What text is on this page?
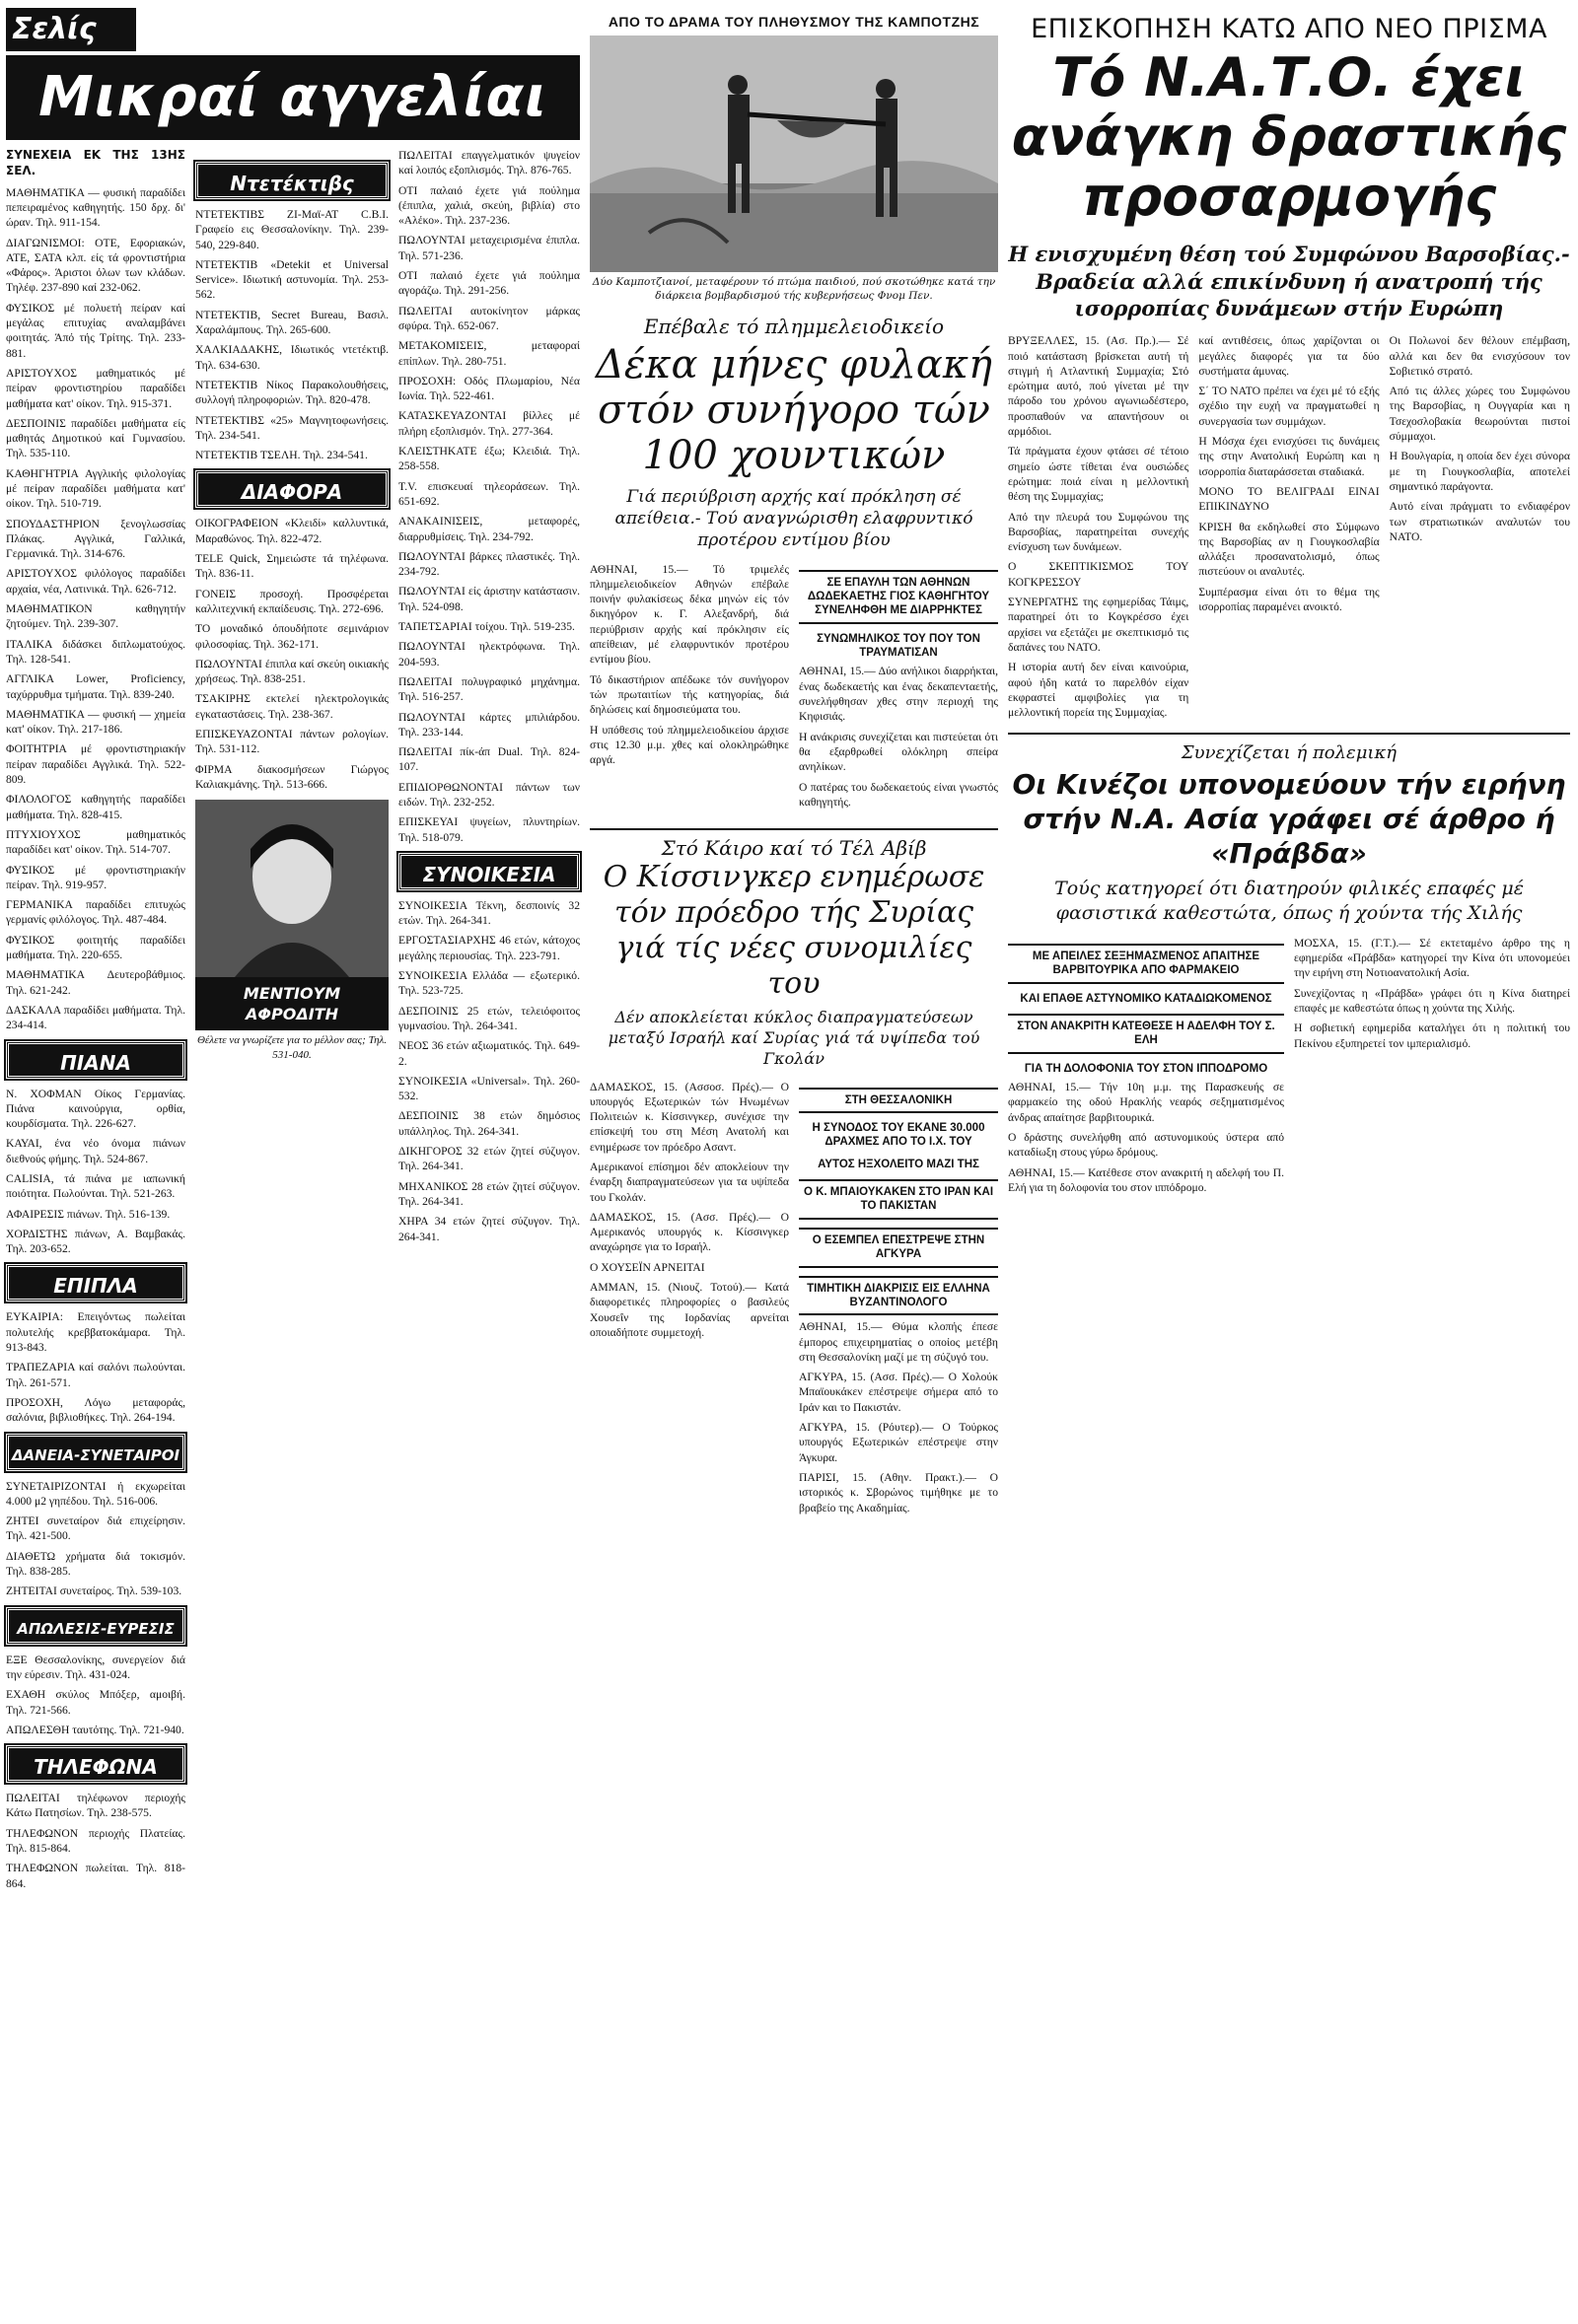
Σελίς
Μικραί αγγελίαι
ΣΥΝΕΧΕΙΑ ΕΚ ΤΗΣ 13ΗΣ ΣΕΛ.

ΜΑΘΗΜΑΤΙΚΑ — φυσική παραδίδει πεπειραμένος καθηγητής. 150 δρχ. δι' ώραν. Τηλ. 911-154.

ΔΙΑΓΩΝΙΣΜΟΙ: ΟΤΕ, Εφοριακών, ΑΤΕ, ΣΑΤΑ κλπ. είς τά φροντιστήρια «Φάρος». Άριστοι όλων των κλάδων. Τηλέφ. 237-890 καί 232-062.

ΦΥΣΙΚΟΣ μέ πολυετή πείραν καί μεγάλας επιτυχίας αναλαμβάνει φοιτητάς. Άπό τής Τρίτης. Τηλ. 233-881.

ΑΡΙΣΤΟΥΧΟΣ μαθηματικός μέ πείραν φροντιστηρίου παραδίδει μαθήματα κατ' οίκον. Τηλ. 915-371.

ΔΕΣΠΟΙΝΙΣ παραδίδει μαθήματα είς μαθητάς Δημοτικού καί Γυμνασίου. Τηλ. 535-110.

ΚΑΘΗΓΗΤΡΙΑ Αγγλικής φιλολογίας μέ πείραν παραδίδει μαθήματα κατ' οίκον. Τηλ. 510-719.

ΣΠΟΥΔΑΣΤΗΡΙΟΝ ξενογλωσσίας Πλάκας. Αγγλικά, Γαλλικά, Γερμανικά. Τηλ. 314-676.

ΑΡΙΣΤΟΥΧΟΣ φιλόλογος παραδίδει αρχαία, νέα, Λατινικά. Τηλ. 626-712.

ΜΑΘΗΜΑΤΙΚΟΝ καθηγητήν ζητούμεν. Τηλ. 239-307.

ΙΤΑΛΙΚΑ διδάσκει διπλωματούχος. Τηλ. 128-541.

ΑΓΓΛΙΚΑ Lower, Proficiency, ταχύρρυθμα τμήματα. Τηλ. 839-240.

ΜΑΘΗΜΑΤΙΚΑ — φυσική — χημεία κατ' οίκον. Τηλ. 217-186.

ΦΟΙΤΗΤΡΙΑ μέ φροντιστηριακήν πείραν παραδίδει Αγγλικά. Τηλ. 522-809.

ΦΙΛΟΛΟΓΟΣ καθηγητής παραδίδει μαθήματα. Τηλ. 828-415.

ΠΤΥΧΙΟΥΧΟΣ μαθηματικός παραδίδει κατ' οίκον. Τηλ. 514-707.

ΦΥΣΙΚΟΣ μέ φροντιστηριακήν πείραν. Τηλ. 919-957.

ΓΕΡΜΑΝΙΚΑ παραδίδει επιτυχώς γερμανίς φιλόλογος. Τηλ. 487-484.

ΦΥΣΙΚΟΣ φοιτητής παραδίδει μαθήματα. Τηλ. 220-655.

ΜΑΘΗΜΑΤΙΚΑ Δευτεροβάθμιος. Τηλ. 621-242.

ΔΑΣΚΑΛΑ παραδίδει μαθήματα. Τηλ. 234-414.

ΠΙΑΝΑ

Ν. ΧΟΦΜΑΝ Οίκος Γερμανίας. Πιάνα καινούργια, ορθία, κουρδίσματα. Τηλ. 226-627.

ΚΑΥΑΙ, ένα νέο όνομα πιάνων διεθνούς φήμης. Τηλ. 524-867.

CALISIA, τά πιάνα με ιαπωνική ποιότητα. Πωλούνται. Τηλ. 521-263.

ΑΦΑΙΡΕΣΙΣ πιάνων. Τηλ. 516-139.

ΧΟΡΔΙΣΤΗΣ πιάνων, Α. Βαμβακάς. Τηλ. 203-652.

ΕΠΙΠΛΑ

ΕΥΚΑΙΡΙΑ: Επειγόντως πωλείται πολυτελής κρεββατοκάμαρα. Τηλ. 913-843.

ΤΡΑΠΕΖΑΡΙΑ καί σαλόνι πωλούνται. Τηλ. 261-571.

ΠΡΟΣΟΧΗ, Λόγω μεταφοράς, σαλόνια, βιβλιοθήκες. Τηλ. 264-194.

ΔΑΝΕΙΑ-ΣΥΝΕΤΑΙΡΟΙ

ΣΥΝΕΤΑΙΡΙΖΟΝΤΑΙ ή εκχωρείται 4.000 μ2 γηπέδου. Τηλ. 516-006.

ΖΗΤΕΙ συνεταίρον διά επιχείρησιν. Τηλ. 421-500.

ΔΙΑΘΕΤΩ χρήματα διά τοκισμόν. Τηλ. 838-285.

ΖΗΤΕΙΤΑΙ συνεταίρος. Τηλ. 539-103.

ΑΠΩΛΕΣΙΣ-ΕΥΡΕΣΙΣ

ΕΞΕ Θεσσαλονίκης, συνεργείον διά την εύρεσιν. Τηλ. 431-024.

ΕΧΑΘΗ σκύλος Μπόξερ, αμοιβή. Τηλ. 721-566.

ΑΠΩΛΕΣΘΗ ταυτότης. Τηλ. 721-940.

ΤΗΛΕΦΩΝΑ

ΠΩΛΕΙΤΑΙ τηλέφωνον περιοχής Κάτω Πατησίων. Τηλ. 238-575.

ΤΗΛΕΦΩΝΟΝ περιοχής Πλατείας. Τηλ. 815-864.

ΤΗΛΕΦΩΝΟΝ πωλείται. Τηλ. 818-864.

Ντετέκτιβς

ΝΤΕΤΕΚΤΙΒΣ ΖΙ-Μαϊ-ΑΤ C.B.I. Γραφείο εις Θεσσαλονίκην. Τηλ. 239-540, 229-840.

ΝΤΕΤΕΚΤΙΒ «Detekit et Universal Service». Ιδιωτική αστυνομία. Τηλ. 253-562.

ΝΤΕΤΕΚΤΙΒ, Secret Bureau, Βασιλ. Χαραλάμπους. Τηλ. 265-600.

ΧΑΛΚΙΑΔΑΚΗΣ, Ιδιωτικός ντετέκτιβ. Τηλ. 634-630.

ΝΤΕΤΕΚΤΙΒ Νίκος Παρακολουθήσεις, συλλογή πληροφοριών. Τηλ. 820-478.

ΝΤΕΤΕΚΤΙΒΣ «25» Μαγνητοφωνήσεις. Τηλ. 234-541.

ΝΤΕΤΕΚΤΙΒ ΤΣΕΛΗ. Τηλ. 234-541.

ΔΙΑΦΟΡΑ

ΟΙΚΟΓΡΑΦΕΙΟΝ «Κλειδί» καλλυντικά, Μαραθώνος. Τηλ. 822-472.

TELE Quick, Σημειώστε τά τηλέφωνα. Τηλ. 836-11.

ΓΟΝΕΙΣ προσοχή. Προσφέρεται καλλιτεχνική εκπαίδευσις. Τηλ. 272-696.

ΤΟ μοναδικό όπουδήποτε σεμινάριον φιλοσοφίας. Τηλ. 362-171.

ΠΩΛΟΥΝΤΑΙ έπιπλα καί σκεύη οικιακής χρήσεως. Τηλ. 838-251.

ΤΣΑΚΙΡΗΣ εκτελεί ηλεκτρολογικάς εγκαταστάσεις. Τηλ. 238-367.

ΕΠΙΣΚΕΥΑΖΟΝΤΑΙ πάντων ρολογίων. Τηλ. 531-112.

ΦΙΡΜΑ διακοσμήσεων Γιώργος Καλιακμάνης. Τηλ. 513-666.

ΜΕΝΤΙΟΥΜ ΑΦΡΟΔΙΤΗ
Θέλετε να γνωρίζετε για το μέλλον σας; Τηλ. 531-040.

ΠΩΛΕΙΤΑΙ επαγγελματικόν ψυγείον καί λοιπός εξοπλισμός. Τηλ. 876-765.

ΟΤΙ παλαιό έχετε γιά πούλημα (έπιπλα, χαλιά, σκεύη, βιβλία) στο «Αλέκο». Τηλ. 237-236.

ΠΩΛΟΥΝΤΑΙ μεταχειρισμένα έπιπλα. Τηλ. 571-236.

ΟΤΙ παλαιό έχετε γιά πούλημα αγοράζω. Τηλ. 291-256.

ΠΩΛΕΙΤΑΙ αυτοκίνητον μάρκας σφύρα. Τηλ. 652-067.

ΜΕΤΑΚΟΜΙΣΕΙΣ, μεταφοραί επίπλων. Τηλ. 280-751.

ΠΡΟΣΟΧΗ: Οδός Πλωμαρίου, Νέα Ιωνία. Τηλ. 522-461.

ΚΑΤΑΣΚΕΥΑΖΟΝΤΑΙ βίλλες μέ πλήρη εξοπλισμόν. Τηλ. 277-364.

ΚΛΕΙΣΤΗΚΑΤΕ έξω; Κλειδιά. Τηλ. 258-558.

Τ.V. επισκευαί τηλεοράσεων. Τηλ. 651-692.

ΑΝΑΚΑΙΝΙΣΕΙΣ, μεταφορές, διαρρυθμίσεις. Τηλ. 234-792.

ΠΩΛΟΥΝΤΑΙ βάρκες πλαστικές. Τηλ. 234-792.

ΠΩΛΟΥΝΤΑΙ είς άριστην κατάστασιν. Τηλ. 524-098.

ΤΑΠΕΤΣΑΡΙΑΙ τοίχου. Τηλ. 519-235.

ΠΩΛΟΥΝΤΑΙ ηλεκτρόφωνα. Τηλ. 204-593.

ΠΩΛΕΙΤΑΙ πολυγραφικό μηχάνημα. Τηλ. 516-257.

ΠΩΛΟΥΝΤΑΙ κάρτες μπιλιάρδου. Τηλ. 233-144.

ΠΩΛΕΙΤΑΙ πίκ-άπ Dual. Τηλ. 824-107.

ΕΠΙΔΙΟΡΘΩΝΟΝΤΑΙ πάντων των ειδών. Τηλ. 232-252.

ΕΠΙΣΚΕΥΑΙ ψυγείων, πλυντηρίων. Τηλ. 518-079.

ΣΥΝΟΙΚΕΣΙΑ

ΣΥΝΟΙΚΕΣΙΑ Τέκνη, δεσποινίς 32 ετών. Τηλ. 264-341.

ΕΡΓΟΣΤΑΣΙΑΡΧΗΣ 46 ετών, κάτοχος μεγάλης περιουσίας. Τηλ. 223-791.

ΣΥΝΟΙΚΕΣΙΑ Ελλάδα — εξωτερικό. Τηλ. 523-725.

ΔΕΣΠΟΙΝΙΣ 25 ετών, τελειόφοιτος γυμνασίου. Τηλ. 264-341.

ΝΕΟΣ 36 ετών αξιωματικός. Τηλ. 649-2.

ΣΥΝΟΙΚΕΣΙΑ «Universal». Τηλ. 260-532.

ΔΕΣΠΟΙΝΙΣ 38 ετών δημόσιος υπάλληλος. Τηλ. 264-341.

ΔΙΚΗΓΟΡΟΣ 32 ετών ζητεί σύζυγον. Τηλ. 264-341.

ΜΗΧΑΝΙΚΟΣ 28 ετών ζητεί σύζυγον. Τηλ. 264-341.

ΧΗΡΑ 34 ετών ζητεί σύζυγον. Τηλ. 264-341.

ΑΠΟ ΤΟ ΔΡΑΜΑ ΤΟΥ ΠΛΗΘΥΣΜΟΥ ΤΗΣ ΚΑΜΠΟΤΖΗΣ
Δύο Καμποτζιανοί, μεταφέρουν τό πτώμα παιδιού, πού σκοτώθηκε κατά την διάρκεια βομβαρδισμού τής κυβερνήσεως Φνομ Πεν.
Επέβαλε τό πλημμελειοδικείο
Δέκα μήνες φυλακή στόν συνήγορο τών 100 χουντικών
Γιά περιύβριση αρχής καί πρόκληση σέ απείθεια.- Τού αναγνώρισθη ελαφρυντικό προτέρου εντίμου βίου

ΑΘΗΝΑΙ, 15.— Τό τριμελές πλημμελειοδικείον Αθηνών επέβαλε ποινήν φυλακίσεως δέκα μηνών είς τόν δικηγόρον κ. Γ. Αλεξανδρή, διά περιύβρισιν αρχής καί πρόκλησιν είς απείθειαν, μέ ελαφρυντικόν προτέρου εντίμου βίου.

Τό δικαστήριον απέδωκε τόν συνήγορον τών πρωταιτίων τής κατηγορίας, διά δηλώσεις καί δημοσιεύματα του.

Η υπόθεσις τού πλημμελειοδικείου άρχισε στις 12.30 μ.μ. χθες καί ολοκληρώθηκε αργά.

ΣΕ ΕΠΑΥΛΗ ΤΩΝ ΑΘΗΝΩΝ ΔΩΔΕΚΑΕΤΗΣ ΓΙΟΣ ΚΑΘΗΓΗΤΟΥ ΣΥΝΕΛΗΦΘΗ ΜΕ ΔΙΑΡΡΗΚΤΕΣ
ΣΥΝΩΜΗΛΙΚΟΣ ΤΟΥ ΠΟΥ ΤΟΝ ΤΡΑΥΜΑΤΙΣΑΝ

ΑΘΗΝΑΙ, 15.— Δύο ανήλικοι διαρρήκται, ένας δωδεκαετής και ένας δεκαπενταετής, συνελήφθησαν χθες στην περιοχή της Κηφισιάς.

Η ανάκρισις συνεχίζεται και πιστεύεται ότι θα εξαρθρωθεί ολόκληρη σπείρα ανηλίκων.

Ο πατέρας του δωδεκαετούς είναι γνωστός καθηγητής.

Στό Κάιρο καί τό Τέλ Αβίβ
Ο Κίσσινγκερ ενημέρωσε τόν πρόεδρο τής Συρίας γιά τίς νέες συνομιλίες του
Δέν αποκλείεται κύκλος διαπραγματεύσεων μεταξύ Ισραήλ καί Συρίας γιά τά υψίπεδα τού Γκολάν

ΔΑΜΑΣΚΟΣ, 15. (Ασσοσ. Πρές).— Ο υπουργός Εξωτερικών τών Ηνωμένων Πολιτειών κ. Κίσσινγκερ, συνέχισε την επίσκεψή του στη Μέση Ανατολή και ενημέρωσε τον πρόεδρο Ασαντ.

Αμερικανοί επίσημοι δέν αποκλείουν την έναρξη διαπραγματεύσεων για τα υψίπεδα του Γκολάν.

ΔΑΜΑΣΚΟΣ, 15. (Ασσ. Πρές).— Ο Αμερικανός υπουργός κ. Κίσσινγκερ αναχώρησε για το Ισραήλ.

Ο ΧΟΥΣΕΪΝ ΑΡΝΕΙΤΑΙ

ΑΜΜΑΝ, 15. (Νιουζ. Τοτού).— Κατά διαφορετικές πληροφορίες ο βασιλεύς Χουσεΐν της Ιορδανίας αρνείται οποιαδήποτε συμμετοχή.

ΣΤΗ ΘΕΣΣΑΛΟΝΙΚΗ
Η ΣΥΝΟΔΟΣ ΤΟΥ ΕΚΑΝΕ 30.000 ΔΡΑΧΜΕΣ ΑΠΟ ΤΟ Ι.Χ. ΤΟΥ
ΑΥΤΟΣ ΗΞΧΟΛΕΙΤΟ ΜΑΖΙ ΤΗΣ
Ο Κ. ΜΠΑΙΟΥΚΑΚΕΝ ΣΤΟ ΙΡΑΝ ΚΑΙ ΤΟ ΠΑΚΙΣΤΑΝ
Ο ΕΣΕΜΠΕΛ ΕΠΕΣΤΡΕΨΕ ΣΤΗΝ ΑΓΚΥΡΑ
ΤΙΜΗΤΙΚΗ ΔΙΑΚΡΙΣΙΣ ΕΙΣ ΕΛΛΗΝΑ ΒΥΖΑΝΤΙΝΟΛΟΓΟ

ΑΘΗΝΑΙ, 15.— Θύμα κλοπής έπεσε έμπορος επιχειρηματίας ο οποίος μετέβη στη Θεσσαλονίκη μαζί με τη σύζυγό του.

ΑΓΚΥΡΑ, 15. (Ασσ. Πρές).— Ο Χολούκ Μπαϊουκάκεν επέστρεψε σήμερα από το Ιράν και το Πακιστάν.

ΑΓΚΥΡΑ, 15. (Ρόυτερ).— Ο Τούρκος υπουργός Εξωτερικών επέστρεψε στην Άγκυρα.

ΠΑΡΙΣΙ, 15. (Αθην. Πρακτ.).— Ο ιστορικός κ. Σβορώνος τιμήθηκε με το βραβείο της Ακαδημίας.

ΕΠΙΣΚΟΠΗΣΗ ΚΑΤΩ ΑΠΟ ΝΕΟ ΠΡΙΣΜΑ
Τό Ν.Α.Τ.Ο. έχει ανάγκη δραστικής προσαρμογής
Η ενισχυμένη θέση τού Συμφώνου Βαρσοβίας.- Βραδεία αλλά επικίνδυνη ή ανατροπή τής ισορροπίας δυνάμεων στήν Ευρώπη

ΒΡΥΞΕΛΛΕΣ, 15. (Ασ. Πρ.).— Σέ ποιό κατάσταση βρίσκεται αυτή τή στιγμή ή Ατλαντική Συμμαχία; Στό ερώτημα αυτό, πού γίνεται μέ την πάροδο του χρόνου αγωνιωδέστερο, προσπαθούν να απαντήσουν οι αρμόδιοι.

Τά πράγματα έχουν φτάσει σέ τέτοιο σημείο ώστε τίθεται ένα ουσιώδες ερώτημα: ποιά είναι η μελλοντική θέση της Συμμαχίας;

Από την πλευρά του Συμφώνου της Βαρσοβίας, παρατηρείται συνεχής ενίσχυση των δυνάμεων.

Ο ΣΚΕΠΤΙΚΙΣΜΟΣ ΤΟΥ ΚΟΓΚΡΕΣΣΟΥ

ΣΥΝΕΡΓΑΤΗΣ της εφημερίδας Τάιμς, παρατηρεί ότι το Κογκρέσσο έχει αρχίσει να εξετάζει με σκεπτικισμό τις δαπάνες του ΝΑΤΟ.

Η ιστορία αυτή δεν είναι καινούρια, αφού ήδη κατά το παρελθόν είχαν εκφραστεί αμφιβολίες για τη μελλοντική πορεία της Συμμαχίας.

καί αντιθέσεις, όπως χαρίζονται οι μεγάλες διαφορές για τα δύο συστήματα άμυνας.

Σ΄ ΤΟ ΝΑΤΟ πρέπει να έχει μέ τό εξής σχέδιο την ευχή να πραγματωθεί η συνεργασία των συμμάχων.

Η Μόσχα έχει ενισχύσει τις δυνάμεις της στην Ανατολική Ευρώπη και η ισορροπία διαταράσσεται σταδιακά.

ΜΟΝΟ ΤΟ ΒΕΛΙΓΡΑΔΙ ΕΙΝΑΙ ΕΠΙΚΙΝΔΥΝΟ

ΚΡΙΣΗ θα εκδηλωθεί στο Σύμφωνο της Βαρσοβίας αν η Γιουγκοσλαβία αλλάξει προσανατολισμό, όπως πιστεύουν οι αναλυτές.

Συμπέρασμα είναι ότι το θέμα της ισορροπίας παραμένει ανοικτό.

Οι Πολωνοί δεν θέλουν επέμβαση, αλλά και δεν θα ενισχύσουν τον Σοβιετικό στρατό.

Από τις άλλες χώρες του Συμφώνου της Βαρσοβίας, η Ουγγαρία και η Τσεχοσλοβακία θεωρούνται πιστοί σύμμαχοι.

Η Βουλγαρία, η οποία δεν έχει σύνορα με τη Γιουγκοσλαβία, αποτελεί σημαντικό παράγοντα.

Αυτό είναι πράγματι το ενδιαφέρον των στρατιωτικών αναλυτών του ΝΑΤΟ.

Συνεχίζεται ή πολεμική
Οι Κινέζοι υπονομεύουν τήν ειρήνη στήν Ν.Α. Ασία γράφει σέ άρθρο ή «Πράβδα»
Τούς κατηγορεί ότι διατηρούν φιλικές επαφές μέ φασιστικά καθεστώτα, όπως ή χούντα τής Χιλής
ΜΕ ΑΠΕΙΛΕΣ ΣΕΞΗΜΑΣΜΕΝΟΣ ΑΠΑΙΤΗΣΕ ΒΑΡΒΙΤΟΥΡΙΚΑ ΑΠΟ ΦΑΡΜΑΚΕΙΟ
ΚΑΙ ΕΠΑΘΕ ΑΣΤΥΝΟΜΙΚΟ ΚΑΤΑΔΙΩΚΟΜΕΝΟΣ
ΣΤΟΝ ΑΝΑΚΡΙΤΗ ΚΑΤΕΘΕΣΕ Η ΑΔΕΛΦΗ ΤΟΥ Σ. ΕΛΗ
ΓΙΑ ΤΗ ΔΟΛΟΦΟΝΙΑ ΤΟΥ ΣΤΟΝ ΙΠΠΟΔΡΟΜΟ

ΑΘΗΝΑΙ, 15.— Τήν 10η μ.μ. της Παρασκευής σε φαρμακείο της οδού Ηρακλής νεαρός σεξηματισμένος άνδρας απαίτησε βαρβιτουρικά.

Ο δράστης συνελήφθη από αστυνομικούς ύστερα από καταδίωξη στους γύρω δρόμους.

ΑΘΗΝΑΙ, 15.— Κατέθεσε στον ανακριτή η αδελφή του Π. Ελή για τη δολοφονία του στον ιππόδρομο.

ΜΟΣΧΑ, 15. (Γ.Τ.).— Σέ εκτεταμένο άρθρο της η εφημερίδα «Πράβδα» κατηγορεί την Κίνα ότι υπονομεύει την ειρήνη στη Νοτιοανατολική Ασία.

Συνεχίζοντας η «Πράβδα» γράφει ότι η Κίνα διατηρεί επαφές με καθεστώτα όπως η χούντα της Χιλής.

Η σοβιετική εφημερίδα καταλήγει ότι η πολιτική του Πεκίνου εξυπηρετεί τον ιμπεριαλισμό.
